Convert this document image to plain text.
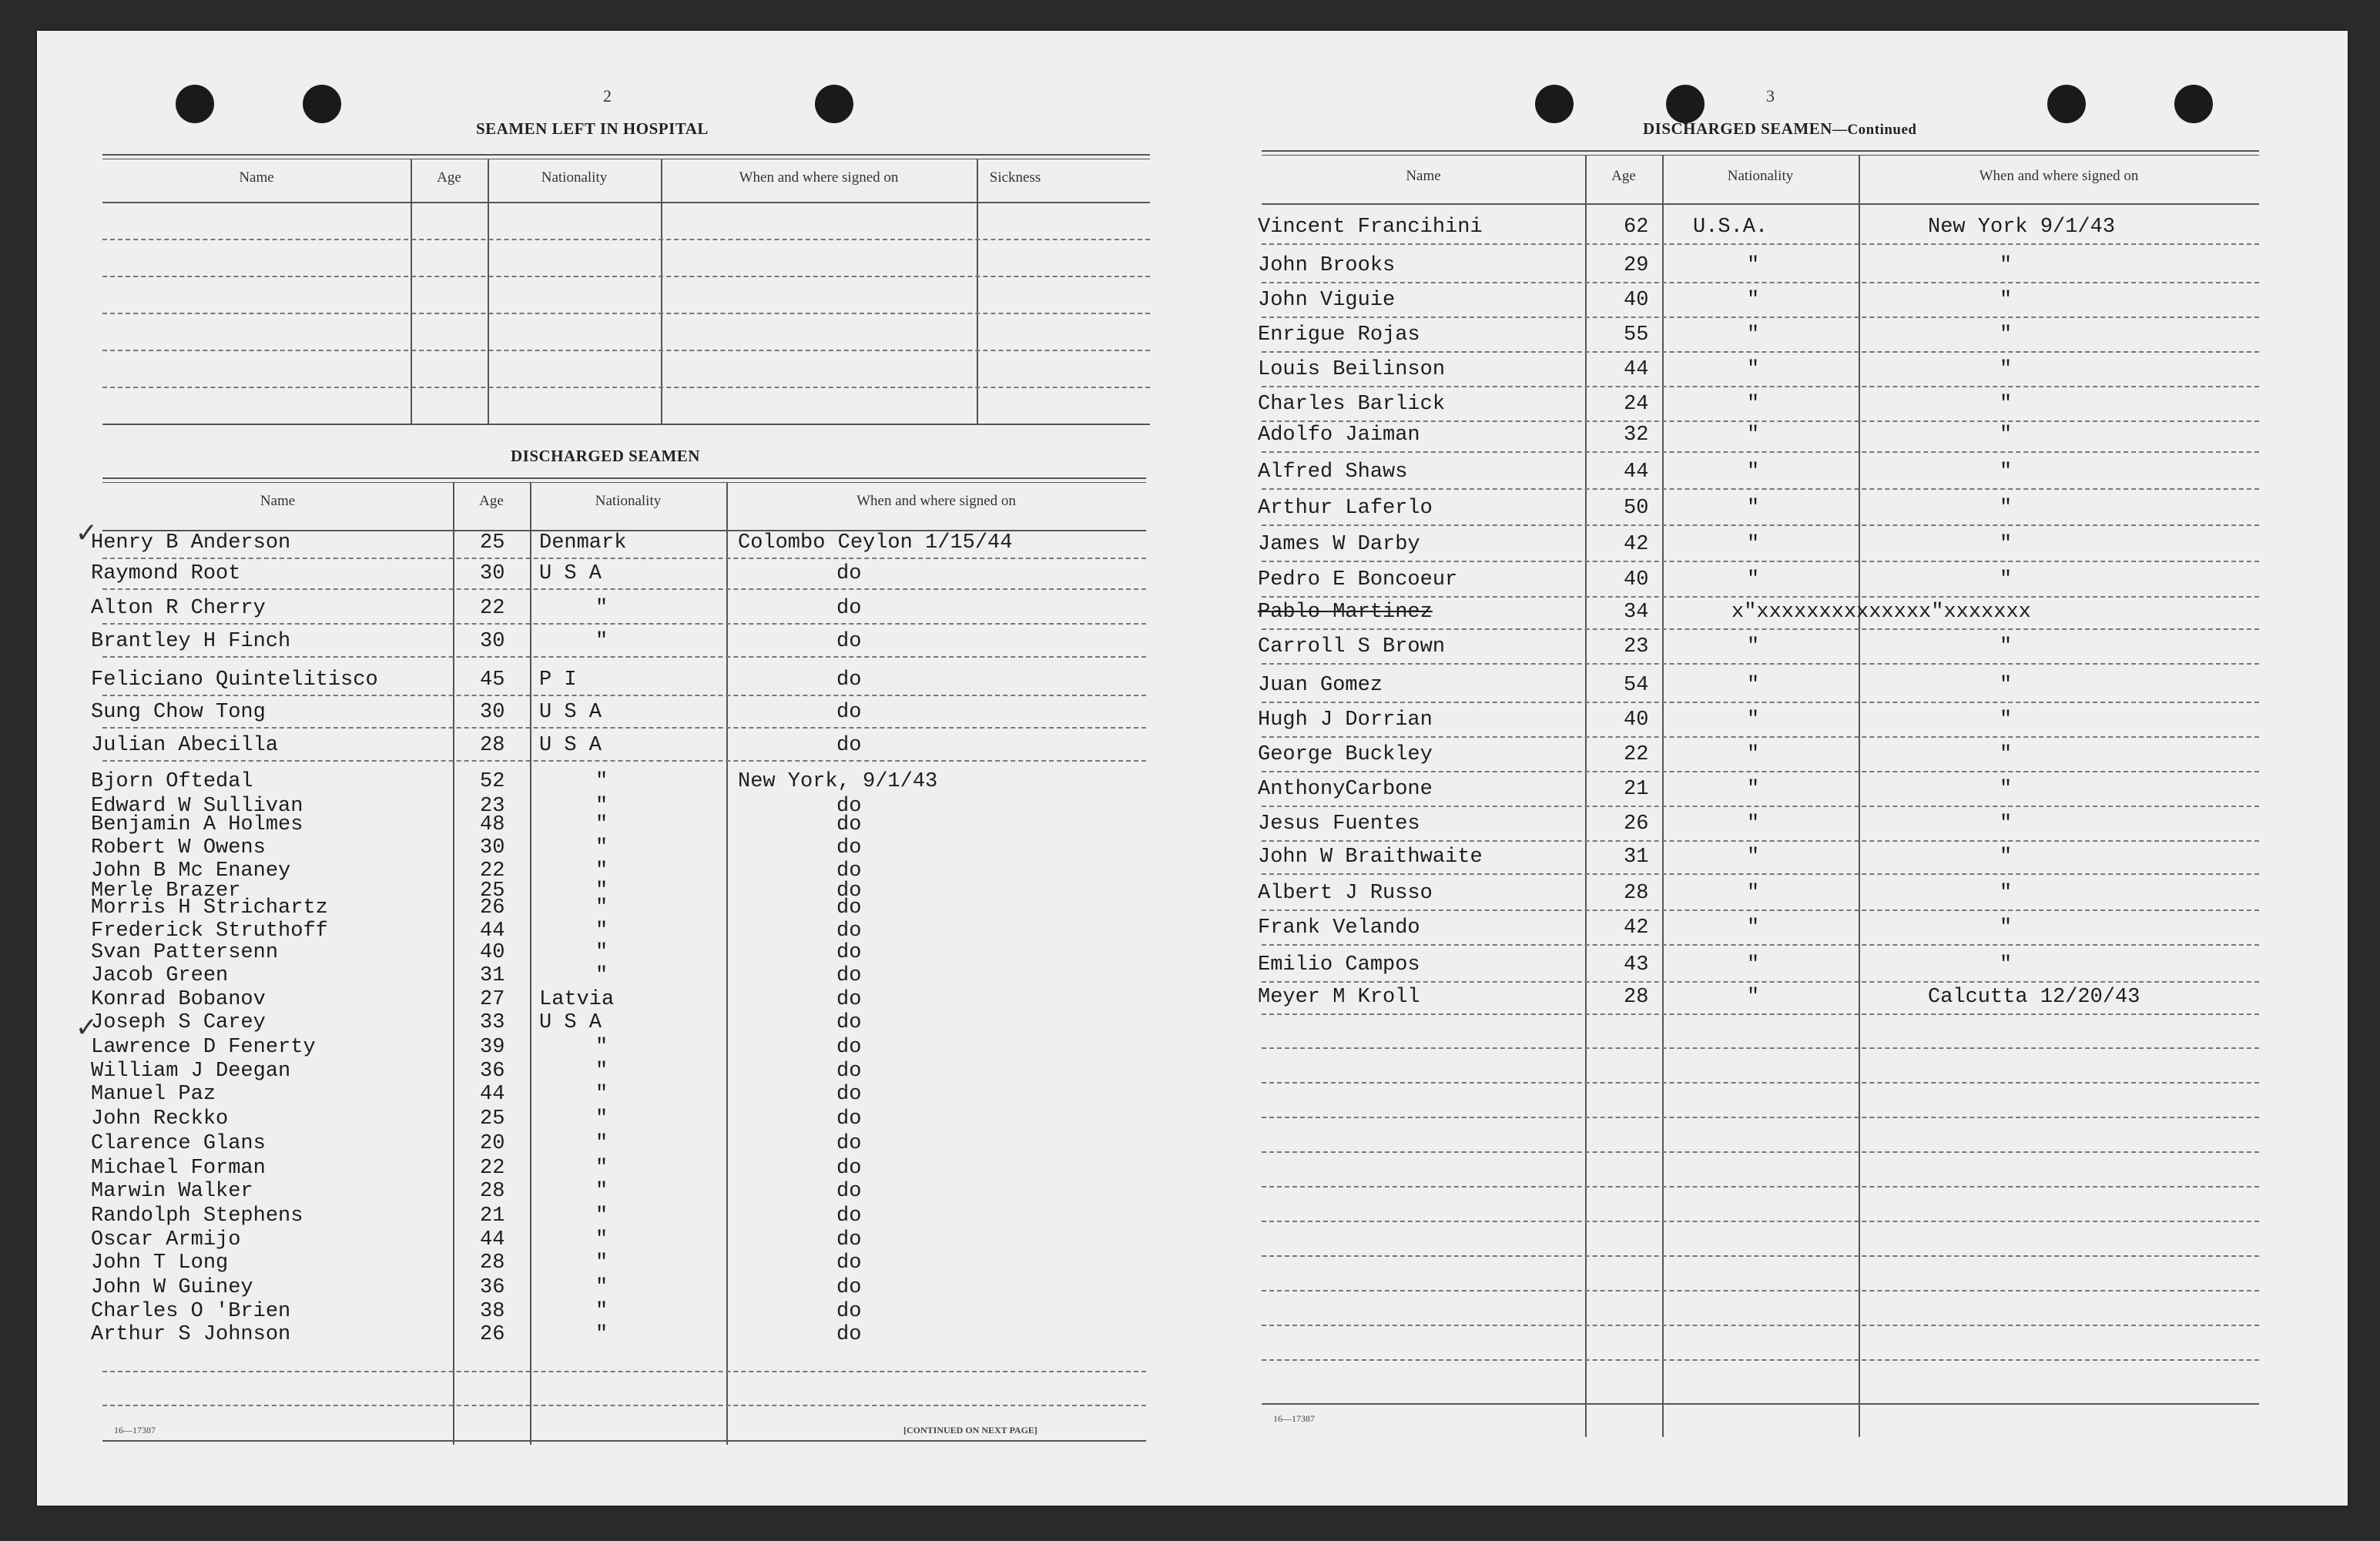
2
SEAMEN LEFT IN HOSPITAL
Name	Age	Nationality	When and where signed on	Sickness
DISCHARGED SEAMEN
Name	Age	Nationality	When and where signed on
✓
✓
Henry B Anderson	25 Denmark	Colombo Ceylon 1/15/44
Raymond Root	30 U S A	do
Alton R Cherry	22	"	do
Brantley H Finch	30	"	do
Feliciano Quintelitisco	45 P I	do
Sung Chow Tong	30 U S A	do
Julian Abecilla	28 U S A	do
Bjorn Oftedal	52	"	New York, 9/1/43
Edward W Sullivan	23	"	do
Benjamin A Holmes	48	"	do
Robert W Owens	30	"	do
John B Mc Enaney	22	"	do
Merle Brazer	25	"	do
Morris H Strichartz	26	"	do
Frederick Struthoff	44	"	do
Svan Pattersenn	40	"	do
Jacob Green	31	"	do
Konrad Bobanov	27 Latvia	do
Joseph S Carey	33 U S A	do
Lawrence D Fenerty	39	"	do
William J Deegan	36	"	do
Manuel Paz	44	"	do
John Reckko	25	"	do
Clarence Glans	20	"	do
Michael Forman	22	"	do
Marwin Walker	28	"	do
Randolph Stephens	21	"	do
Oscar Armijo	44	"	do
John T Long	28	"	do
John W Guiney	36	"	do
Charles O 'Brien	38	"	do
Arthur S Johnson	26	"	do
16—17387	[CONTINUED ON NEXT PAGE]
3
DISCHARGED SEAMEN—Continued
Name	Age	Nationality	When and where signed on
Vincent Francihini	62 U.S.A.	New York 9/1/43
John Brooks	29	"	"
John Viguie	40	"	"
Enrigue Rojas	55	"	"
Louis Beilinson	44	"	"
Charles Barlick	24	"	"
Adolfo Jaiman	32	"	"
Alfred Shaws	44	"	"
Arthur Laferlo	50	"	"
James W Darby	42	"	"
Pedro E Boncoeur	40	"	"
Pablo Martinez	34	x"xxxxxxxxxxxxxx"xxxxxxx
Carroll S Brown	23	"	"
Juan Gomez	54	"	"
Hugh J Dorrian	40	"	"
George Buckley	22	"	"
AnthonyCarbone	21	"	"
Jesus Fuentes	26	"	"
John W Braithwaite	31	"	"
Albert J Russo	28	"	"
Frank Velando	42	"	"
Emilio Campos	43	"	"
Meyer M Kroll	28	"	Calcutta 12/20/43
16—17387
